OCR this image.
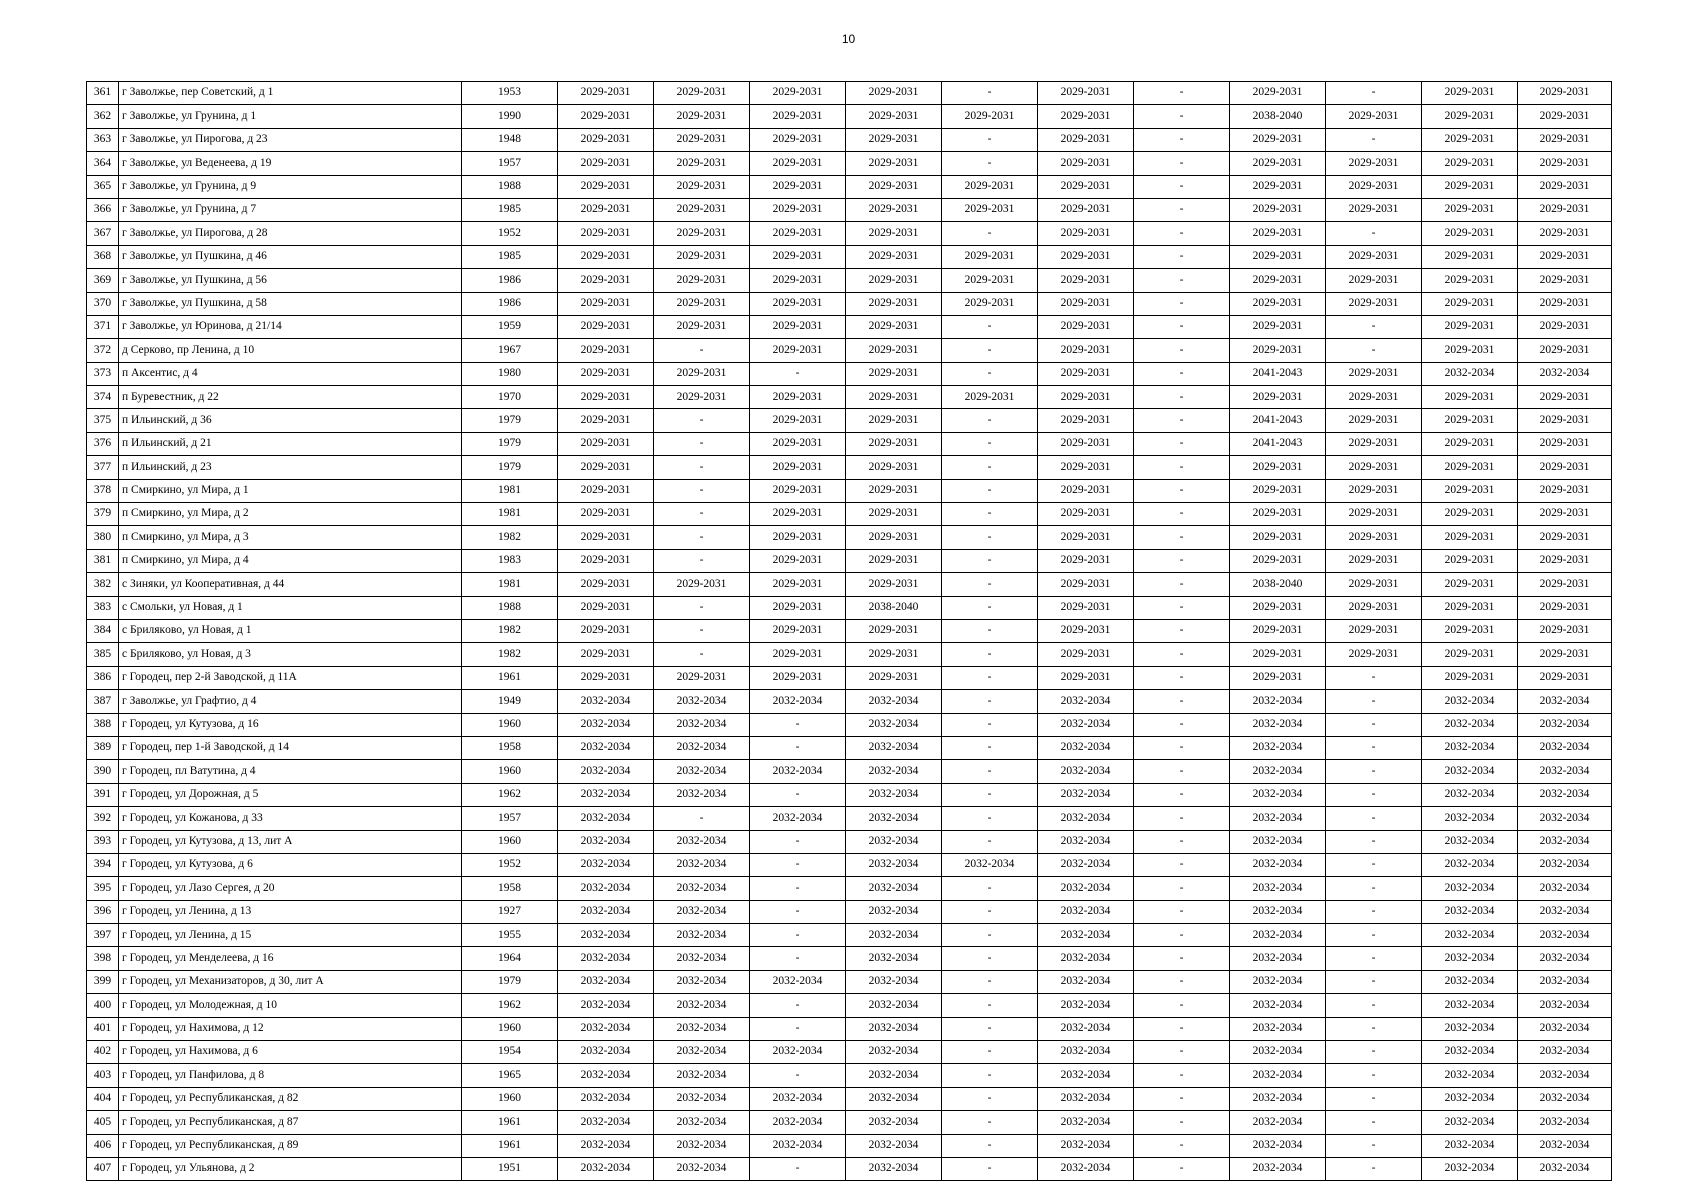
10
361	г Заволжье, пер Советский, д 1	1953	2029-2031	2029-2031	2029-2031	2029-2031	-	2029-2031	-	2029-2031	-	2029-2031	2029-2031
362	г Заволжье, ул Грунина, д 1	1990	2029-2031	2029-2031	2029-2031	2029-2031	2029-2031	2029-2031	-	2038-2040	2029-2031	2029-2031	2029-2031
363	г Заволжье, ул Пирогова, д 23	1948	2029-2031	2029-2031	2029-2031	2029-2031	-	2029-2031	-	2029-2031	-	2029-2031	2029-2031
364	г Заволжье, ул Веденеева, д 19	1957	2029-2031	2029-2031	2029-2031	2029-2031	-	2029-2031	-	2029-2031	2029-2031	2029-2031	2029-2031
365	г Заволжье, ул Грунина, д 9	1988	2029-2031	2029-2031	2029-2031	2029-2031	2029-2031	2029-2031	-	2029-2031	2029-2031	2029-2031	2029-2031
366	г Заволжье, ул Грунина, д 7	1985	2029-2031	2029-2031	2029-2031	2029-2031	2029-2031	2029-2031	-	2029-2031	2029-2031	2029-2031	2029-2031
367	г Заволжье, ул Пирогова, д 28	1952	2029-2031	2029-2031	2029-2031	2029-2031	-	2029-2031	-	2029-2031	-	2029-2031	2029-2031
368	г Заволжье, ул Пушкина, д 46	1985	2029-2031	2029-2031	2029-2031	2029-2031	2029-2031	2029-2031	-	2029-2031	2029-2031	2029-2031	2029-2031
369	г Заволжье, ул Пушкина, д 56	1986	2029-2031	2029-2031	2029-2031	2029-2031	2029-2031	2029-2031	-	2029-2031	2029-2031	2029-2031	2029-2031
370	г Заволжье, ул Пушкина, д 58	1986	2029-2031	2029-2031	2029-2031	2029-2031	2029-2031	2029-2031	-	2029-2031	2029-2031	2029-2031	2029-2031
371	г Заволжье, ул Юринова, д 21/14	1959	2029-2031	2029-2031	2029-2031	2029-2031	-	2029-2031	-	2029-2031	-	2029-2031	2029-2031
372	д Серково, пр Ленина, д 10	1967	2029-2031	-	2029-2031	2029-2031	-	2029-2031	-	2029-2031	-	2029-2031	2029-2031
373	п Аксентис, д 4	1980	2029-2031	2029-2031	-	2029-2031	-	2029-2031	-	2041-2043	2029-2031	2032-2034	2032-2034
374	п Буревестник, д 22	1970	2029-2031	2029-2031	2029-2031	2029-2031	2029-2031	2029-2031	-	2029-2031	2029-2031	2029-2031	2029-2031
375	п Ильинский, д 36	1979	2029-2031	-	2029-2031	2029-2031	-	2029-2031	-	2041-2043	2029-2031	2029-2031	2029-2031
376	п Ильинский, д 21	1979	2029-2031	-	2029-2031	2029-2031	-	2029-2031	-	2041-2043	2029-2031	2029-2031	2029-2031
377	п Ильинский, д 23	1979	2029-2031	-	2029-2031	2029-2031	-	2029-2031	-	2029-2031	2029-2031	2029-2031	2029-2031
378	п Смиркино, ул Мира, д 1	1981	2029-2031	-	2029-2031	2029-2031	-	2029-2031	-	2029-2031	2029-2031	2029-2031	2029-2031
379	п Смиркино, ул Мира, д 2	1981	2029-2031	-	2029-2031	2029-2031	-	2029-2031	-	2029-2031	2029-2031	2029-2031	2029-2031
380	п Смиркино, ул Мира, д 3	1982	2029-2031	-	2029-2031	2029-2031	-	2029-2031	-	2029-2031	2029-2031	2029-2031	2029-2031
381	п Смиркино, ул Мира, д 4	1983	2029-2031	-	2029-2031	2029-2031	-	2029-2031	-	2029-2031	2029-2031	2029-2031	2029-2031
382	с Зиняки, ул Кооперативная, д 44	1981	2029-2031	2029-2031	2029-2031	2029-2031	-	2029-2031	-	2038-2040	2029-2031	2029-2031	2029-2031
383	с Смольки, ул Новая, д 1	1988	2029-2031	-	2029-2031	2038-2040	-	2029-2031	-	2029-2031	2029-2031	2029-2031	2029-2031
384	с Брилякoво, ул Новая, д 1	1982	2029-2031	-	2029-2031	2029-2031	-	2029-2031	-	2029-2031	2029-2031	2029-2031	2029-2031
385	с Бриляково, ул Новая, д 3	1982	2029-2031	-	2029-2031	2029-2031	-	2029-2031	-	2029-2031	2029-2031	2029-2031	2029-2031
386	г Городец, пер 2-й Заводской, д 11А	1961	2029-2031	2029-2031	2029-2031	2029-2031	-	2029-2031	-	2029-2031	-	2029-2031	2029-2031
387	г Заволжье, ул Графтио, д 4	1949	2032-2034	2032-2034	2032-2034	2032-2034	-	2032-2034	-	2032-2034	-	2032-2034	2032-2034
388	г Городец, ул Кутузова, д 16	1960	2032-2034	2032-2034	-	2032-2034	-	2032-2034	-	2032-2034	-	2032-2034	2032-2034
389	г Городец, пер 1-й Заводской, д 14	1958	2032-2034	2032-2034	-	2032-2034	-	2032-2034	-	2032-2034	-	2032-2034	2032-2034
390	г Городец, пл Ватутина, д 4	1960	2032-2034	2032-2034	2032-2034	2032-2034	-	2032-2034	-	2032-2034	-	2032-2034	2032-2034
391	г Городец, ул Дорожная, д 5	1962	2032-2034	2032-2034	-	2032-2034	-	2032-2034	-	2032-2034	-	2032-2034	2032-2034
392	г Городец, ул Кожанова, д 33	1957	2032-2034	-	2032-2034	2032-2034	-	2032-2034	-	2032-2034	-	2032-2034	2032-2034
393	г Городец, ул Кутузова, д 13, лит А	1960	2032-2034	2032-2034	-	2032-2034	-	2032-2034	-	2032-2034	-	2032-2034	2032-2034
394	г Городец, ул Кутузова, д 6	1952	2032-2034	2032-2034	-	2032-2034	2032-2034	2032-2034	-	2032-2034	-	2032-2034	2032-2034
395	г Городец, ул Лазо Сергея, д 20	1958	2032-2034	2032-2034	-	2032-2034	-	2032-2034	-	2032-2034	-	2032-2034	2032-2034
396	г Городец, ул Ленина, д 13	1927	2032-2034	2032-2034	-	2032-2034	-	2032-2034	-	2032-2034	-	2032-2034	2032-2034
397	г Городец, ул Ленина, д 15	1955	2032-2034	2032-2034	-	2032-2034	-	2032-2034	-	2032-2034	-	2032-2034	2032-2034
398	г Городец, ул Менделеева, д 16	1964	2032-2034	2032-2034	-	2032-2034	-	2032-2034	-	2032-2034	-	2032-2034	2032-2034
399	г Городец, ул Механизаторов, д 30, лит А	1979	2032-2034	2032-2034	2032-2034	2032-2034	-	2032-2034	-	2032-2034	-	2032-2034	2032-2034
400	г Городец, ул Молодежная, д 10	1962	2032-2034	2032-2034	-	2032-2034	-	2032-2034	-	2032-2034	-	2032-2034	2032-2034
401	г Городец, ул Нахимова, д 12	1960	2032-2034	2032-2034	-	2032-2034	-	2032-2034	-	2032-2034	-	2032-2034	2032-2034
402	г Городец, ул Нахимова, д 6	1954	2032-2034	2032-2034	2032-2034	2032-2034	-	2032-2034	-	2032-2034	-	2032-2034	2032-2034
403	г Городец, ул Панфилова, д 8	1965	2032-2034	2032-2034	-	2032-2034	-	2032-2034	-	2032-2034	-	2032-2034	2032-2034
404	г Городец, ул Республиканская, д 82	1960	2032-2034	2032-2034	2032-2034	2032-2034	-	2032-2034	-	2032-2034	-	2032-2034	2032-2034
405	г Городец, ул Республиканская, д 87	1961	2032-2034	2032-2034	2032-2034	2032-2034	-	2032-2034	-	2032-2034	-	2032-2034	2032-2034
406	г Городец, ул Республиканская, д 89	1961	2032-2034	2032-2034	2032-2034	2032-2034	-	2032-2034	-	2032-2034	-	2032-2034	2032-2034
407	г Городец, ул Ульянова, д 2	1951	2032-2034	2032-2034	-	2032-2034	-	2032-2034	-	2032-2034	-	2032-2034	2032-2034
